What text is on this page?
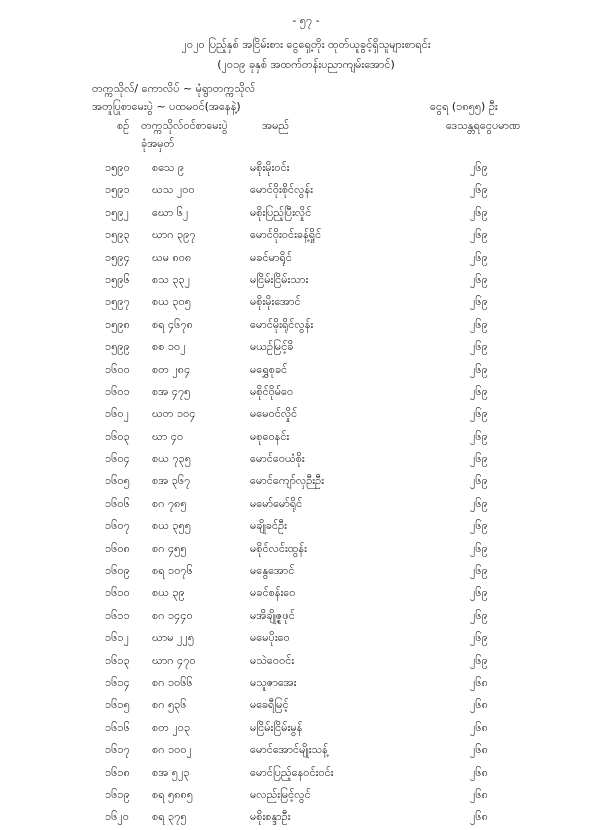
- ၅၇ -
၂၀၂၀ ပြည့်နှစ် အငြိမ်းစား ငွေရှေ့တိုး ထုတ်ယူခွင့်ရှိသူများစာရင်း
(၂၀၁၉ ခုနှစ် အထက်တန်းပညာကျမ်းအောင်)
တက္ကသိုလ်/ ကောလိပ် ~ မုံရွာတက္ကသိုလ်
အတူပြုစာမေးပွဲ ~ ပထမဝင်(အနေနဲ့)	ငွေရ (၁၈၅၅) ဦး
စဉ် တက္ကသိုလ်ဝင်စာမေးပွဲ
ခုံအမှတ်
အမည်	ဒေသန္တရငွေပမာဏ
၁၅၉၀ စသေ ၉	မစိုးမိုးဝင်း	၂၆၉
၁၅၉၁ ဃသ ၂၀၀	မောင်ဝိုးစိုင်လွန်း	၂၆၉
၁၅၉၂ ဃော ၆၂	မစိုးပြည့်ပြီးလှိုင်	၂၆၉
၁၅၉၃ ဃာဂ ၃၉၇	မောင်ဝိုးဝင်းခန့်ရှိုင်	၂၆၉
၁၅၉၄ ဃမ ၈၀၈	မခင်မာရိုင်	၂၆၉
၁၅၉၆ စသ ၃၃၂	မငြိမ်းငြိမ်းသား	၂၆၉
၁၅၉၇ စယ ၃၀၅	မစိုးမိုးအောင်	၂၆၉
၁၅၉၈ စရ ၄၆၇၈	မောင်မိုးရိုင်လွန်း	၂၆၉
၁၅၉၉ စစ ၁၀၂	မယဉ်မြင့်ခိ	၂၆၉
၁၆၀၀ စတ ၂၈၄	မရွှေစုခင်	၂၆၉
၁၆၀၁ စအ ၄၇၅	မစိုင်ဝိုမ်ဝေ	၂၆၉
၁၆၀၂ ဃတ ၁၀၄	မမေဝင်လှိုင်	၂၆၉
၁၆၀၃ ဃာ ၄၀	မစုဝေနင်း	၂၆၉
၁၆၀၄ စယ ၇၃၅	မောင်ဝေယံစိုး	၂၆၉
၁၆၀၅ စအ ၃၆၇	မောင်ကျော်လှဉီးဦး	၂၆၉
၁၆၀၆ စဂ ၇၈၅	မမော်မော်ရိုင်	၂၆၉
၁၆၀၇ စယ ၃၅၅	မချိုခင်ဦး	၂၆၉
၁၆၀၈ စဂ ၄၅၅	မစိုင်လင်းထွန်း	၂၆၉
၁၆၀၉ စရ ၁၀၇၆	မနွေအောင်	၂၆၉
၁၆၁၀ စယ ၃၉	မခင်စန်းဝေ	၂၆၉
၁၆၁၁ စဂ ၁၄၄၀	မအိချို့ဇူဖုင်	၂၆၉
၁၆၁၂ ဃာမ ၂၂၅	မမေပိုးဝေ	၂၆၉
၁၆၁၃ ဃာဂ ၄၇၀	မသဲဝေဝင်း	၂၆၉
၁၆၁၄ စဂ ၁၀၆၆	မသူဇာအေး	၂၆၈
၁၆၁၅ စဂ ၅၃၆	မခေရီမြင့်	၂၆၈
၁၆၁၆ စတ ၂၀၃	မငြိမ်းငြိမ်းမွန်	၂၆၈
၁၆၁၇ စဂ ၁၀၀၂	မောင်အောင်မျိုးသန့်	၂၆၈
၁၆၁၈ စအ ၅၂၃	မောင်ပြည့်နေဝင်းဝင်း	၂၆၈
၁၆၁၉ စရ ၅၈၈၅	မလည်းမြင့်လွင်	၂၆၈
၁၆၂၀ စရ ၃၇၅	မစိုးစန္ဒာဦး	၂၆၈
